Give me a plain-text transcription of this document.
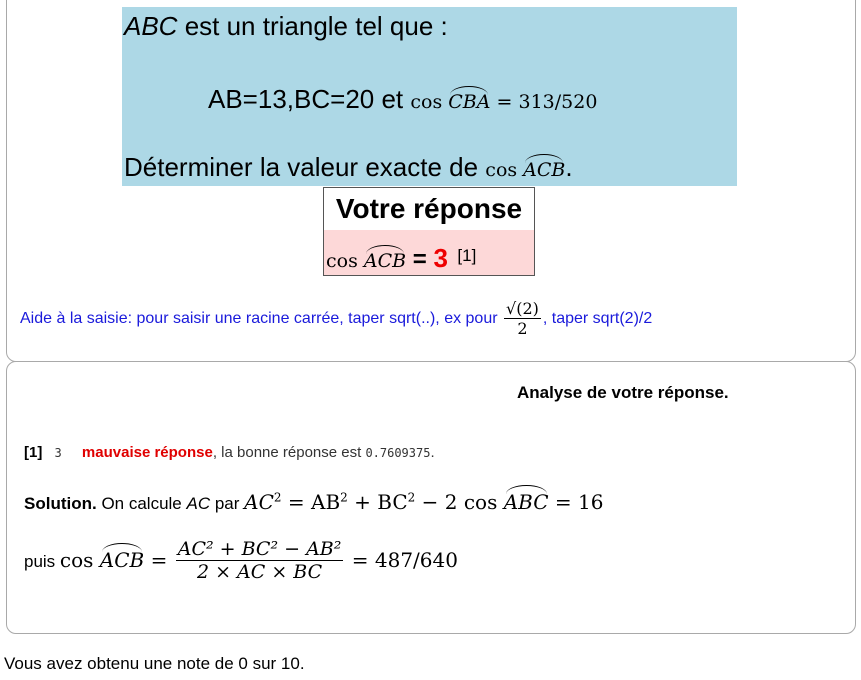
ABC est un triangle tel que :
AB=13,BC=20 et cos CBA = 313/520
Déterminer la valeur exacte de cos ACB.
Votre réponse
cos ACB = 3 [1]
Aide à la saisie: pour saisir une racine carrée, taper sqrt(..), ex pour $\frac{√(2)}{2}$ , taper sqrt(2)/2
Analyse de votre réponse.
[1] 3 mauvaise réponse, la bonne réponse est 0.7609375.
Solution. On calcule AC par $AC^2 = AB^2 + BC^2 - 2$ cos ABC = 16
puis cos ACB = $\frac{\text{AC² + BC² − AB²}}{2 \times AC \times BC} = 487/640$
Vous avez obtenu une note de 0 sur 10.
